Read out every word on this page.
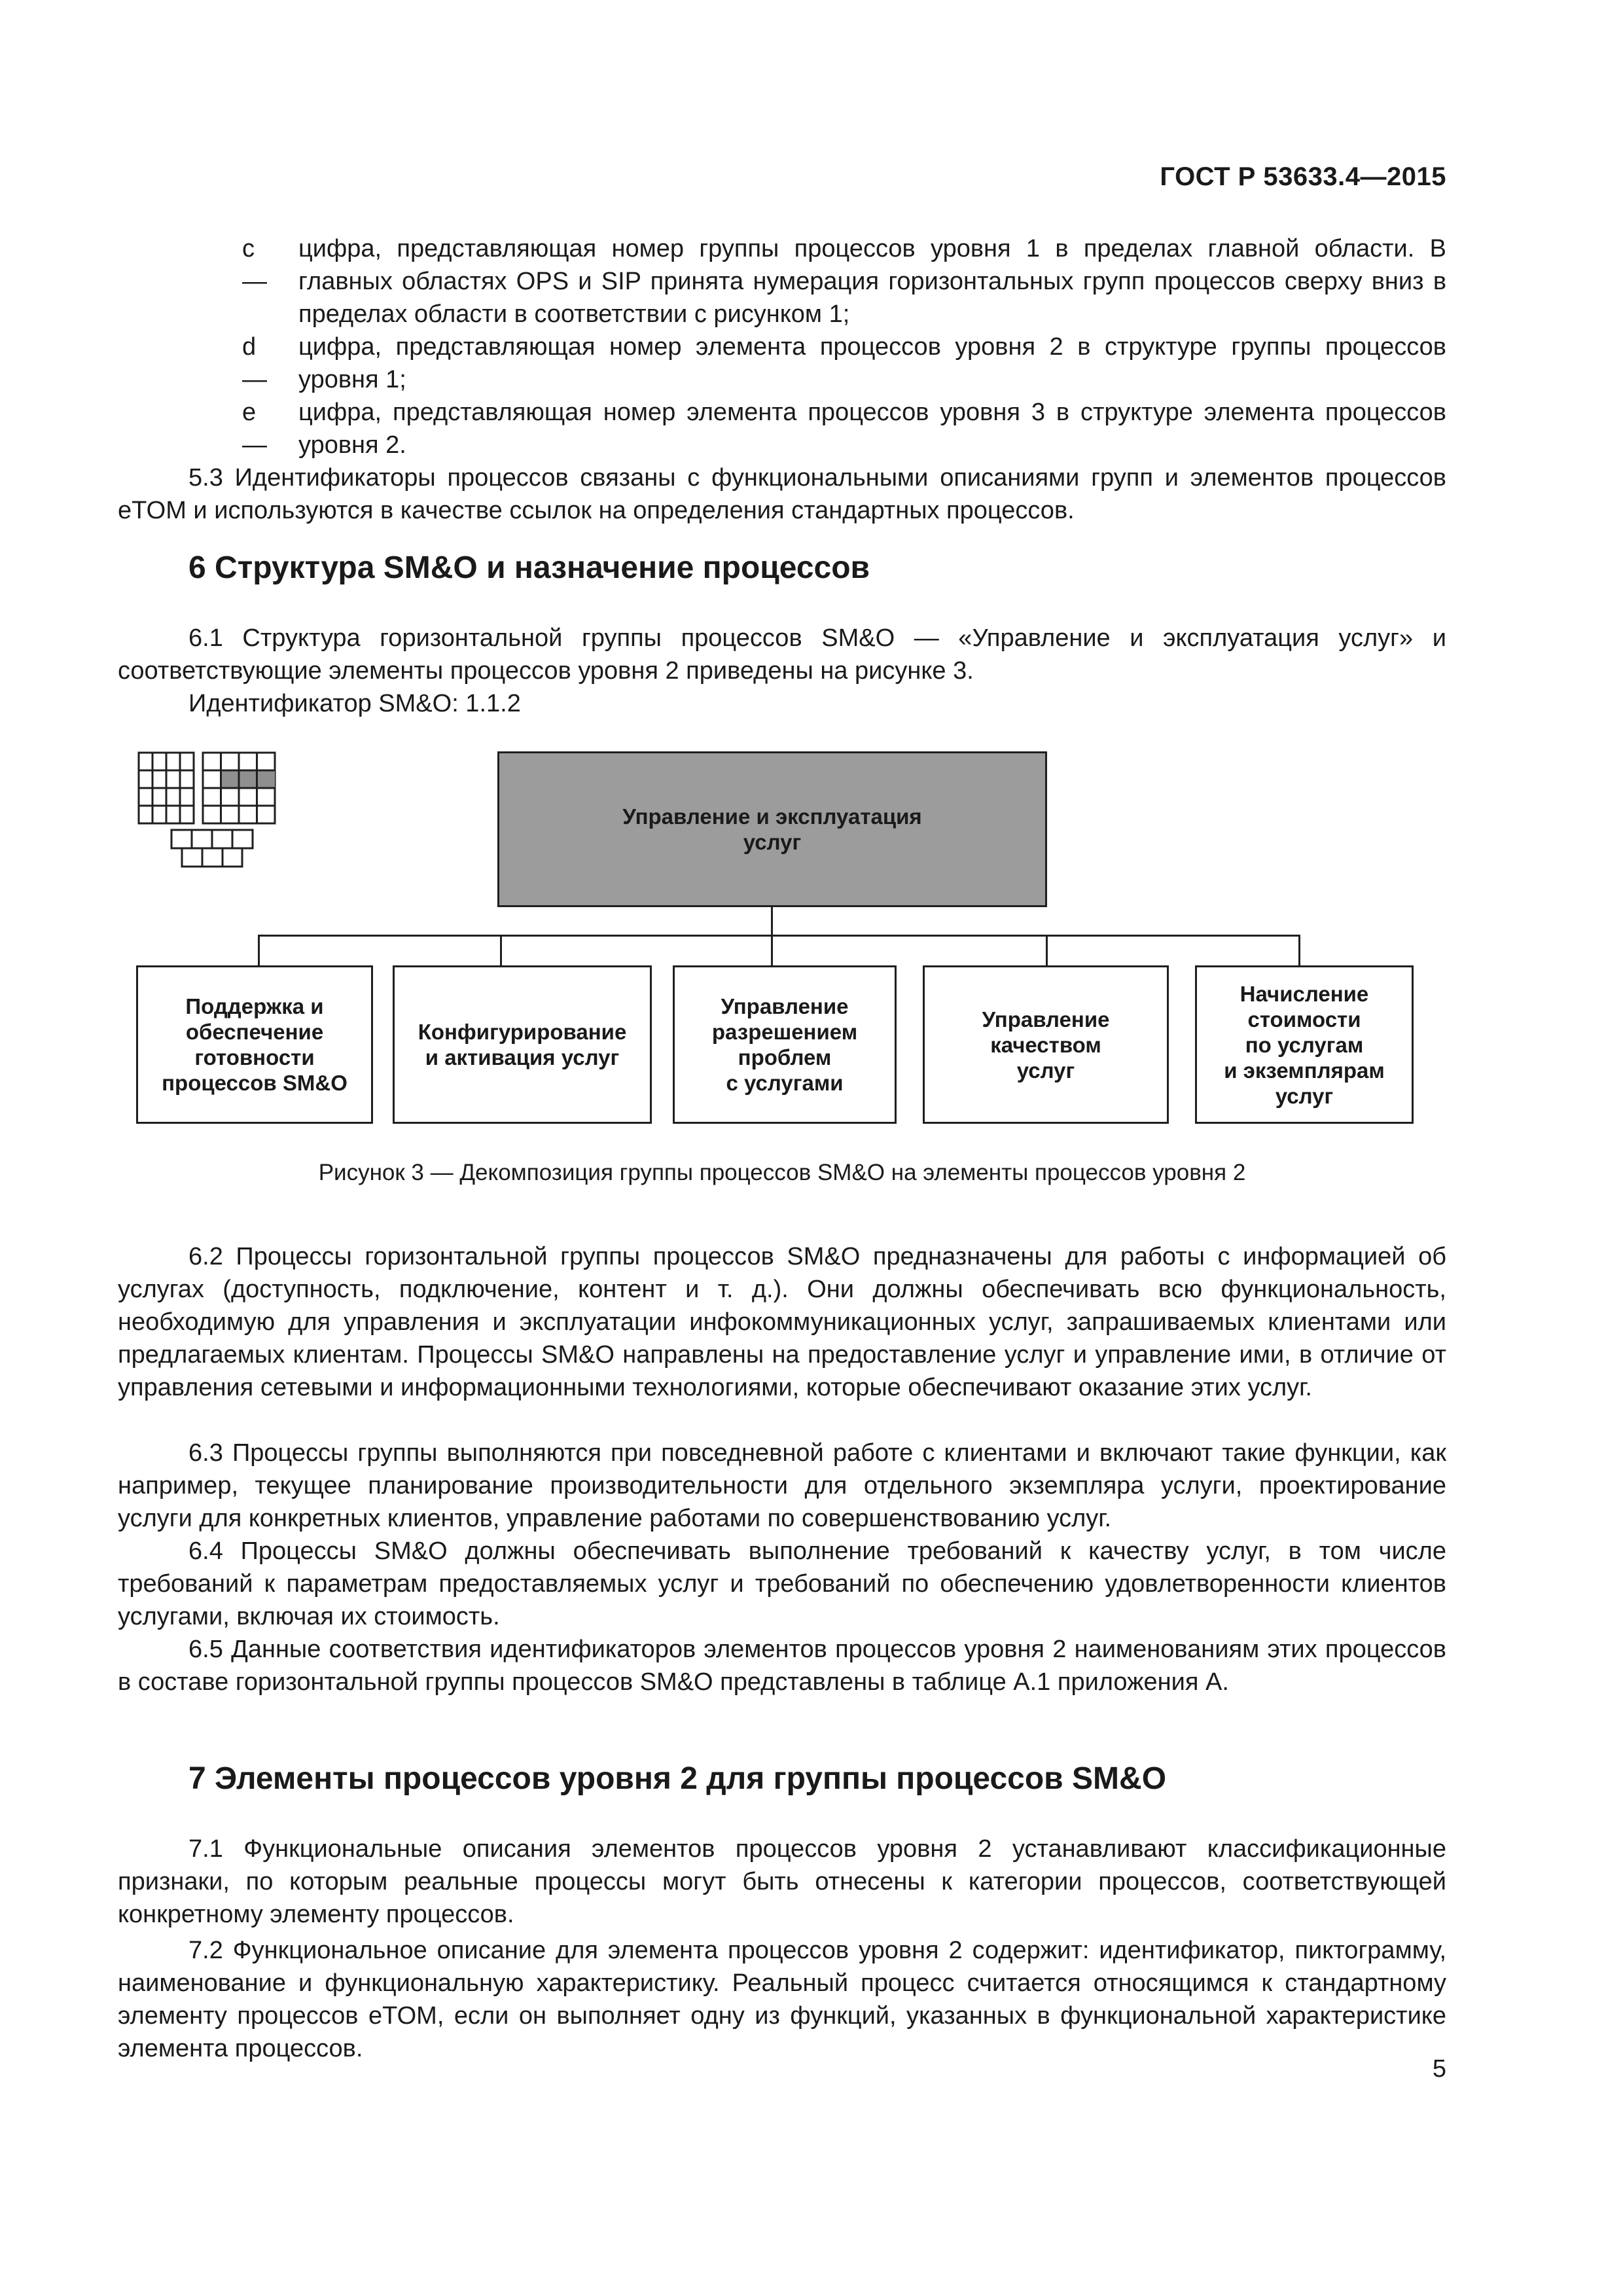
ГОСТ Р 53633.4—2015
c —
цифра, представляющая номер группы процессов уровня 1 в пределах главной области. В главных областях OPS и SIP принята нумерация горизонтальных групп процессов сверху вниз в пределах области в соответствии с рисунком 1;
d —
цифра, представляющая номер элемента процессов уровня 2 в структуре группы процессов уровня 1;
e —
цифра, представляющая номер элемента процессов уровня 3 в структуре элемента процессов уровня 2.
5.3 Идентификаторы процессов связаны с функциональными описаниями групп и элементов процессов eTOM и используются в качестве ссылок на определения стандартных процессов.
6 Структура SM&O и назначение процессов
6.1 Структура горизонтальной группы процессов SM&O — «Управление и эксплуатация услуг» и соответствующие элементы процессов уровня 2 приведены на рисунке 3.
Идентификатор SM&O: 1.1.2
Управление и эксплуатация
услуг
Поддержка и
обеспечение
готовности
процессов SM&O
Конфигурирование
и активация услуг
Управление
разрешением
проблем
с услугами
Управление
качеством
услуг
Начисление
стоимости
по услугам
и экземплярам
услуг
Рисунок 3 — Декомпозиция группы процессов SM&O на элементы процессов уровня 2
6.2 Процессы горизонтальной группы процессов SM&O предназначены для работы с информацией об услугах (доступность, подключение, контент и т. д.). Они должны обеспечивать всю функциональность, необходимую для управления и эксплуатации инфокоммуникационных услуг, запрашиваемых клиентами или предлагаемых клиентам. Процессы SM&O направлены на предоставление услуг и управление ими, в отличие от управления сетевыми и информационными технологиями, которые обеспечивают оказание этих услуг.
6.3 Процессы группы выполняются при повседневной работе с клиентами и включают такие функции, как например, текущее планирование производительности для отдельного экземпляра услуги, проектирование услуги для конкретных клиентов, управление работами по совершенствованию услуг.
6.4 Процессы SM&O должны обеспечивать выполнение требований к качеству услуг, в том числе требований к параметрам предоставляемых услуг и требований по обеспечению удовлетворенности клиентов услугами, включая их стоимость.
6.5 Данные соответствия идентификаторов элементов процессов уровня 2 наименованиям этих процессов в составе горизонтальной группы процессов SM&O представлены в таблице А.1 приложения А.
7 Элементы процессов уровня 2 для группы процессов SM&O
7.1 Функциональные описания элементов процессов уровня 2 устанавливают классификационные признаки, по которым реальные процессы могут быть отнесены к категории процессов, соответствующей конкретному элементу процессов.
7.2 Функциональное описание для элемента процессов уровня 2 содержит: идентификатор, пиктограмму, наименование и функциональную характеристику. Реальный процесс считается относящимся к стандартному элементу процессов eTOM, если он выполняет одну из функций, указанных в функциональной характеристике элемента процессов.
5
